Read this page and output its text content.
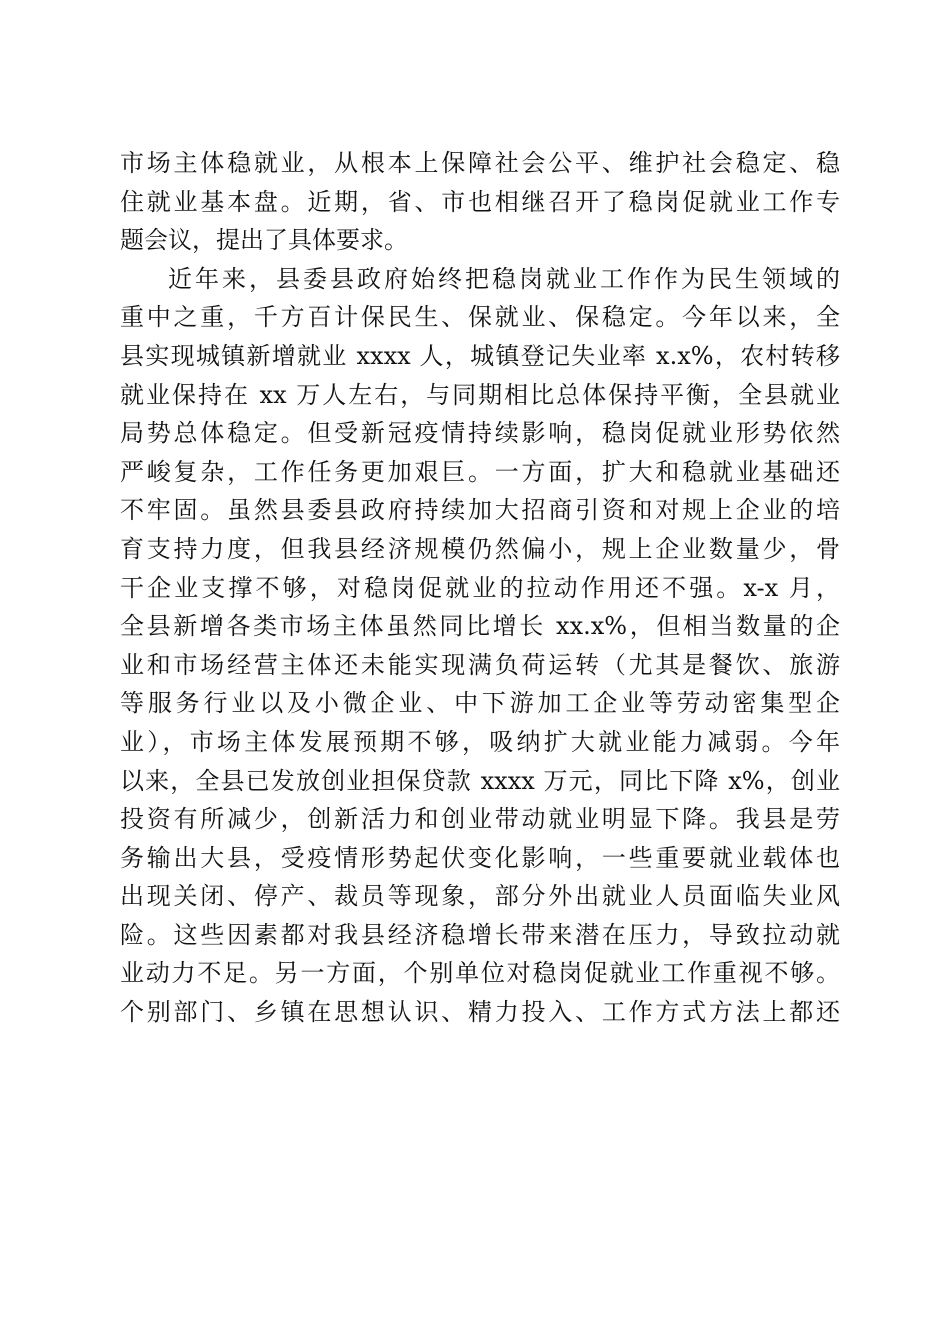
市场主体稳就业，从根本上保障社会公平、维护社会稳定、稳
住就业基本盘。近期，省、市也相继召开了稳岗促就业工作专
题会议，提出了具体要求。
近年来，县委县政府始终把稳岗就业工作作为民生领域的
重中之重，千方百计保民生、保就业、保稳定。今年以来，全
县实现城镇新增就业 xxxx 人，城镇登记失业率 x.x%，农村转移
就业保持在 xx 万人左右，与同期相比总体保持平衡，全县就业
局势总体稳定。但受新冠疫情持续影响，稳岗促就业形势依然
严峻复杂，工作任务更加艰巨。一方面，扩大和稳就业基础还
不牢固。虽然县委县政府持续加大招商引资和对规上企业的培
育支持力度，但我县经济规模仍然偏小，规上企业数量少，骨
干企业支撑不够，对稳岗促就业的拉动作用还不强。x-x 月，
全县新增各类市场主体虽然同比增长 xx.x%，但相当数量的企
业和市场经营主体还未能实现满负荷运转（尤其是餐饮、旅游
等服务行业以及小微企业、中下游加工企业等劳动密集型企
业），市场主体发展预期不够，吸纳扩大就业能力减弱。今年
以来，全县已发放创业担保贷款 xxxx 万元，同比下降 x%，创业
投资有所减少，创新活力和创业带动就业明显下降。我县是劳
务输出大县，受疫情形势起伏变化影响，一些重要就业载体也
出现关闭、停产、裁员等现象，部分外出就业人员面临失业风
险。这些因素都对我县经济稳增长带来潜在压力，导致拉动就
业动力不足。另一方面，个别单位对稳岗促就业工作重视不够。
个别部门、乡镇在思想认识、精力投入、工作方式方法上都还
